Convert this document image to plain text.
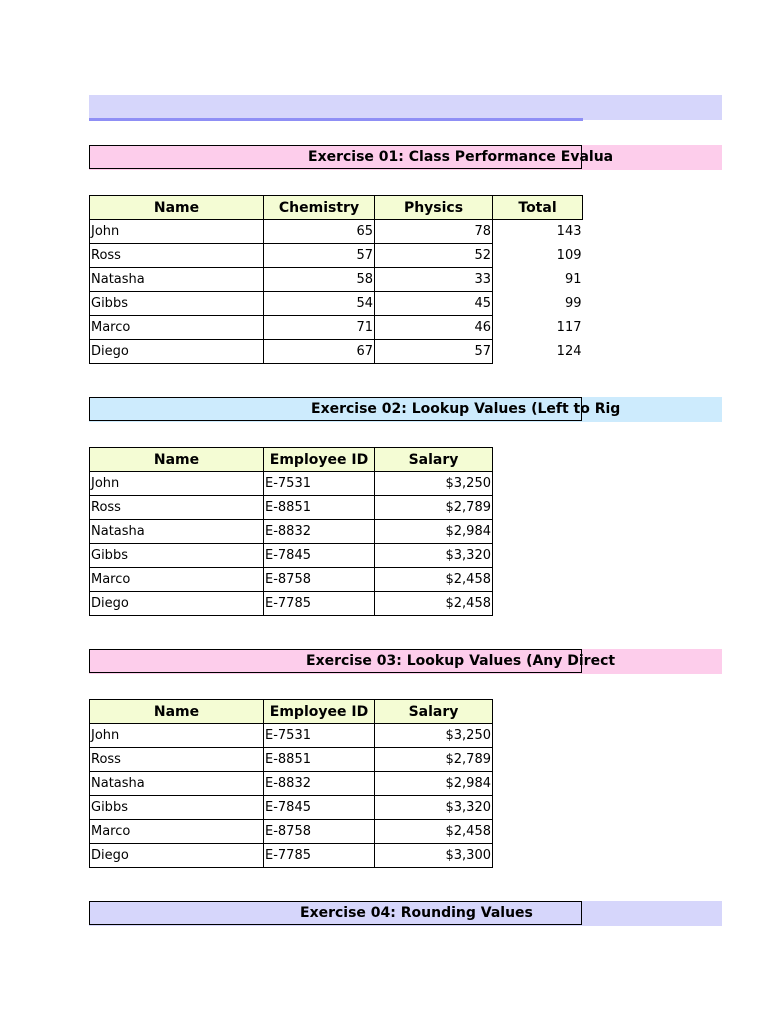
Exercise 01: Class Performance Evalua
Name	Chemistry	Physics	Total
John	65	78	143
Ross	57	52	109
Natasha	58	33	91
Gibbs	54	45	99
Marco	71	46	117
Diego	67	57	124
Exercise 02: Lookup Values (Left to Rig
Name	Employee ID	Salary
John	E-7531	$3,250
Ross	E-8851	$2,789
Natasha	E-8832	$2,984
Gibbs	E-7845	$3,320
Marco	E-8758	$2,458
Diego	E-7785	$2,458
Exercise 03: Lookup Values (Any Direct
Name	Employee ID	Salary
John	E-7531	$3,250
Ross	E-8851	$2,789
Natasha	E-8832	$2,984
Gibbs	E-7845	$3,320
Marco	E-8758	$2,458
Diego	E-7785	$3,300
Exercise 04: Rounding Values
